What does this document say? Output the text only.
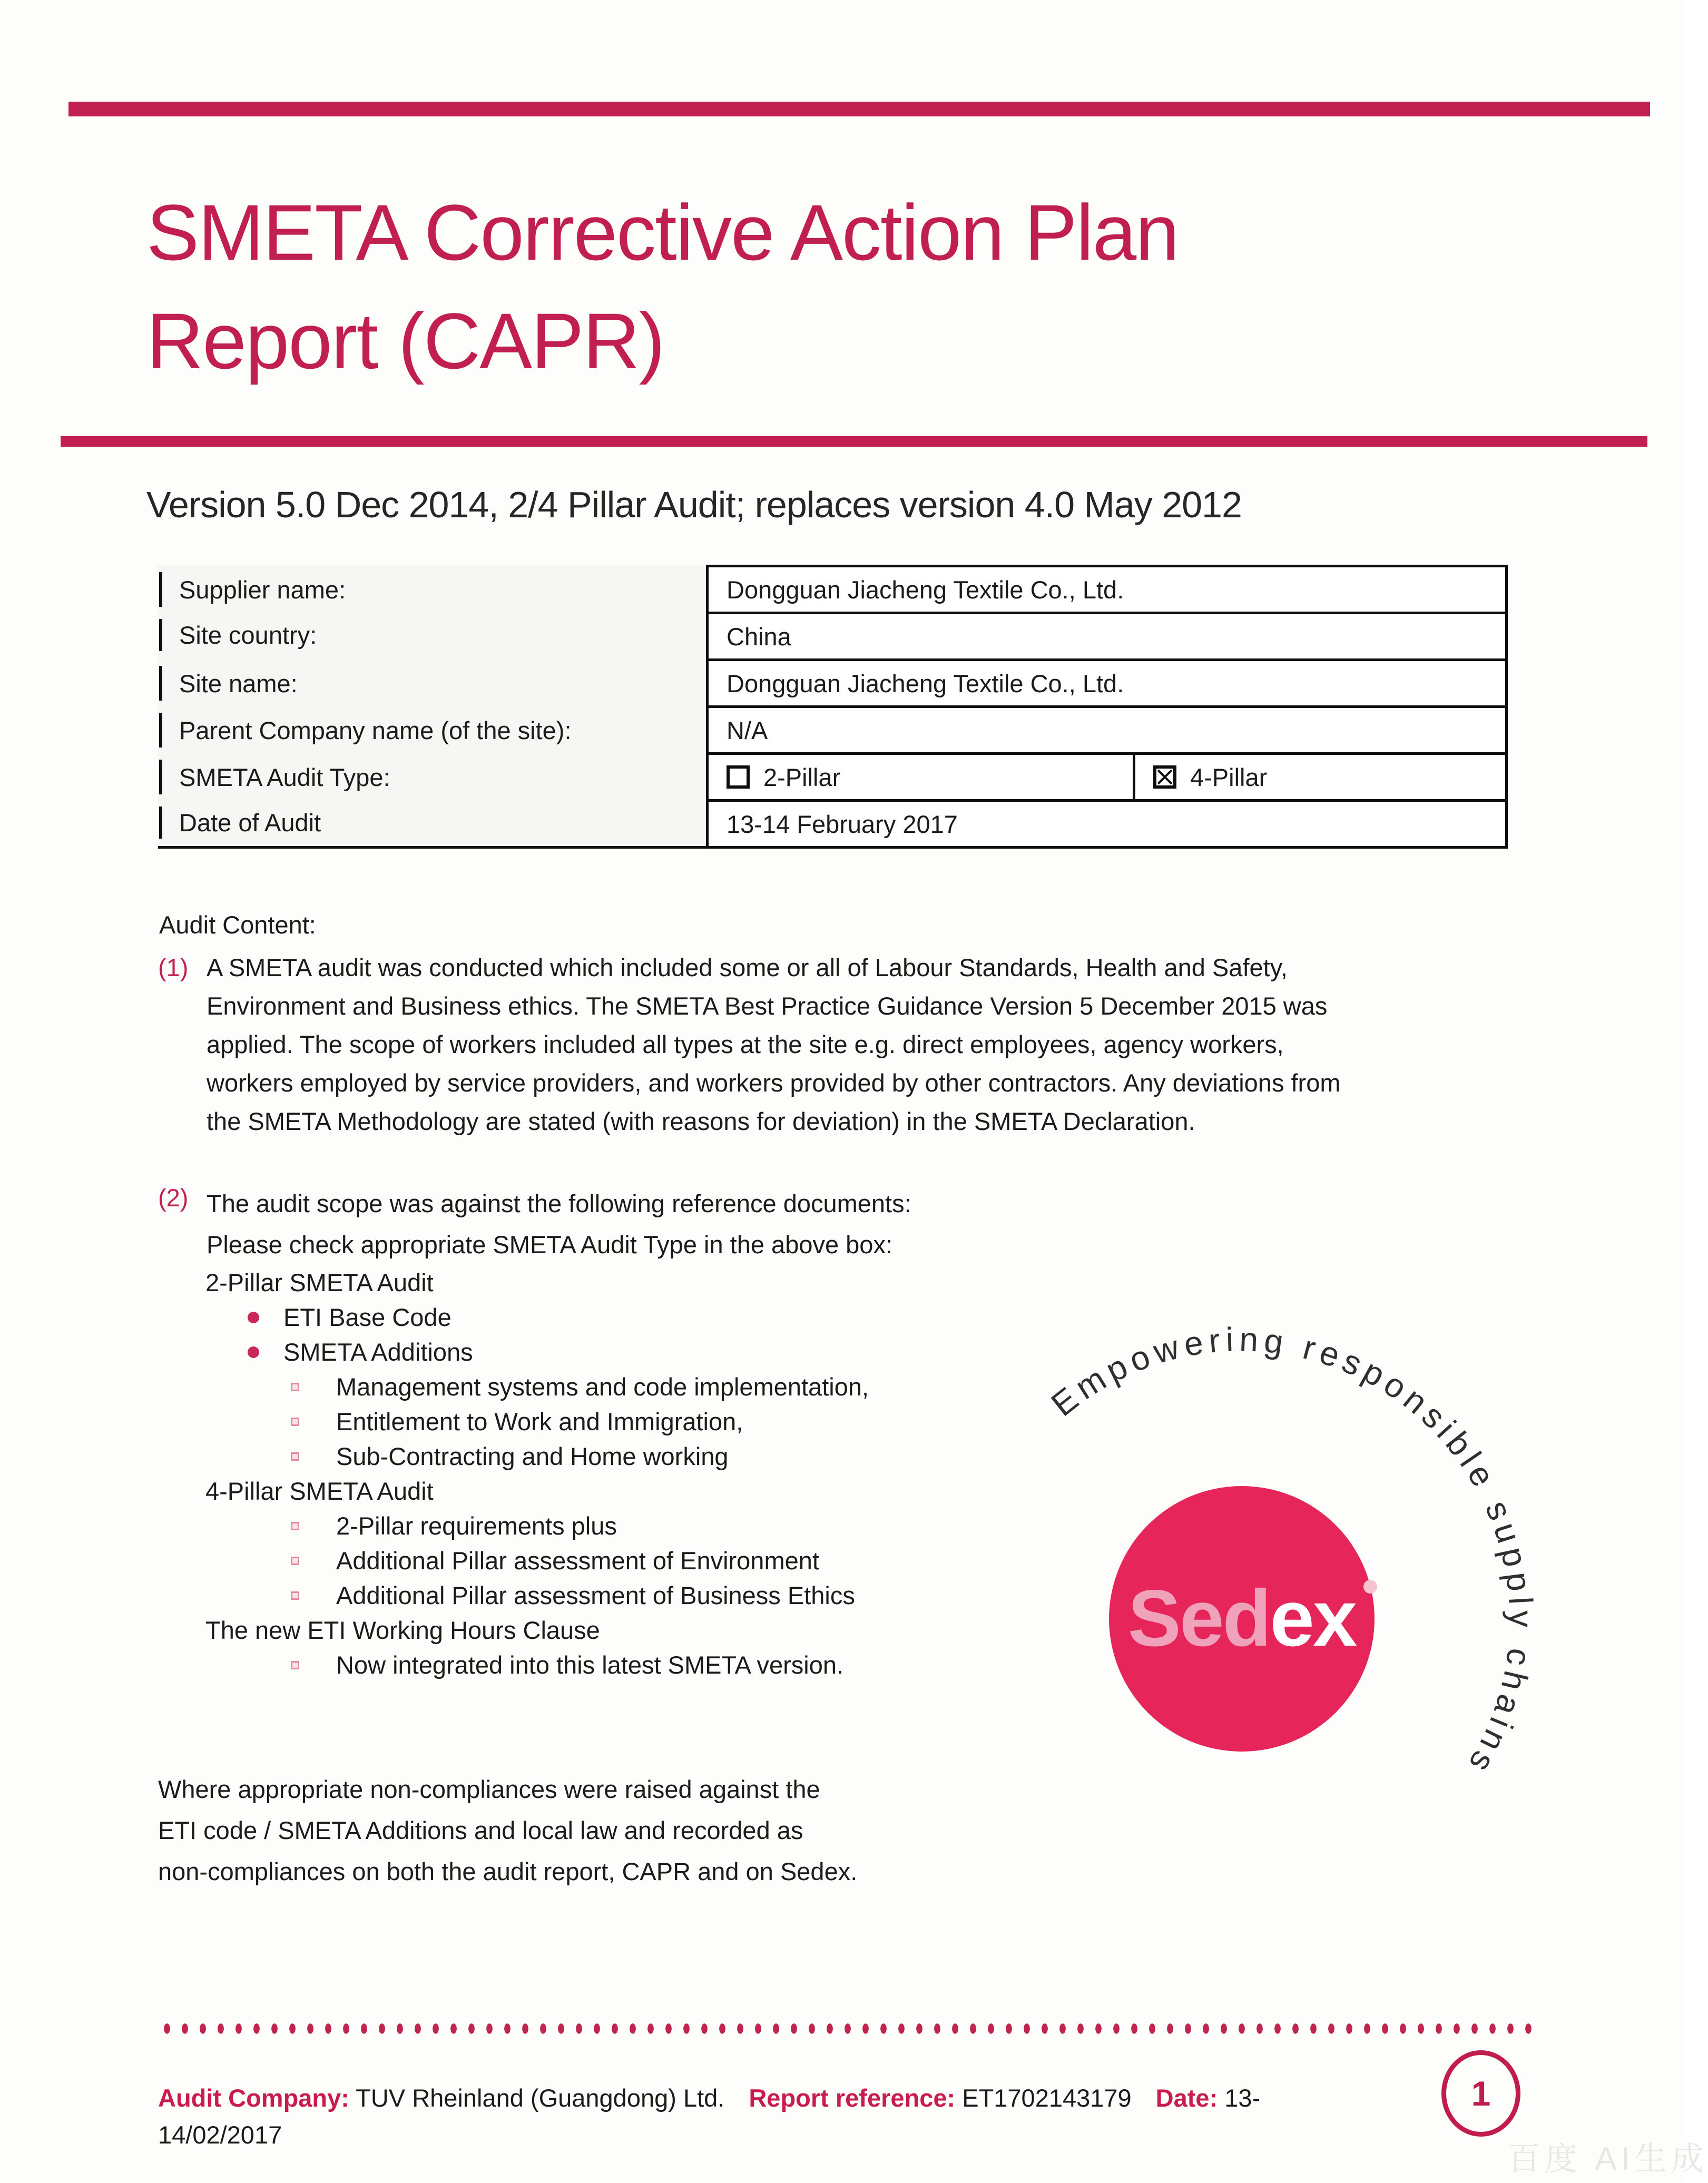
SMETA Corrective Action Plan
Report (CAPR)
Version 5.0 Dec 2014, 2/4 Pillar Audit; replaces version 4.0 May 2012
Supplier name:	Dongguan Jiacheng Textile Co., Ltd.
Site country:	China
Site name:	Dongguan Jiacheng Textile Co., Ltd.
Parent Company name (of the site):	N/A
SMETA Audit Type:	2-Pillar	4-Pillar
Date of Audit	13-14 February 2017
Audit Content:
(1) A SMETA audit was conducted which included some or all of Labour Standards, Health and Safety,
Environment and Business ethics. The SMETA Best Practice Guidance Version 5 December 2015 was
applied. The scope of workers included all types at the site e.g. direct employees, agency workers,
workers employed by service providers, and workers provided by other contractors. Any deviations from
the SMETA Methodology are stated (with reasons for deviation) in the SMETA Declaration.
(2) The audit scope was against the following reference documents:
Please check appropriate SMETA Audit Type in the above box:
2-Pillar SMETA Audit
ETI Base Code
SMETA Additions
Management systems and code implementation,
Entitlement to Work and Immigration,
Sub-Contracting and Home working
4-Pillar SMETA Audit
2-Pillar requirements plus
Additional Pillar assessment of Environment
Additional Pillar assessment of Business Ethics
The new ETI Working Hours Clause
Now integrated into this latest SMETA version.
Sedex
Empowering responsible supply chains
Where appropriate non-compliances were raised against the
ETI code / SMETA Additions and local law and recorded as
non-compliances on both the audit report, CAPR and on Sedex.
Audit Company: TUV Rheinland (Guangdong) Ltd. Report reference: ET1702143179 Date: 13-
14/02/2017
1
百度 AI生成
